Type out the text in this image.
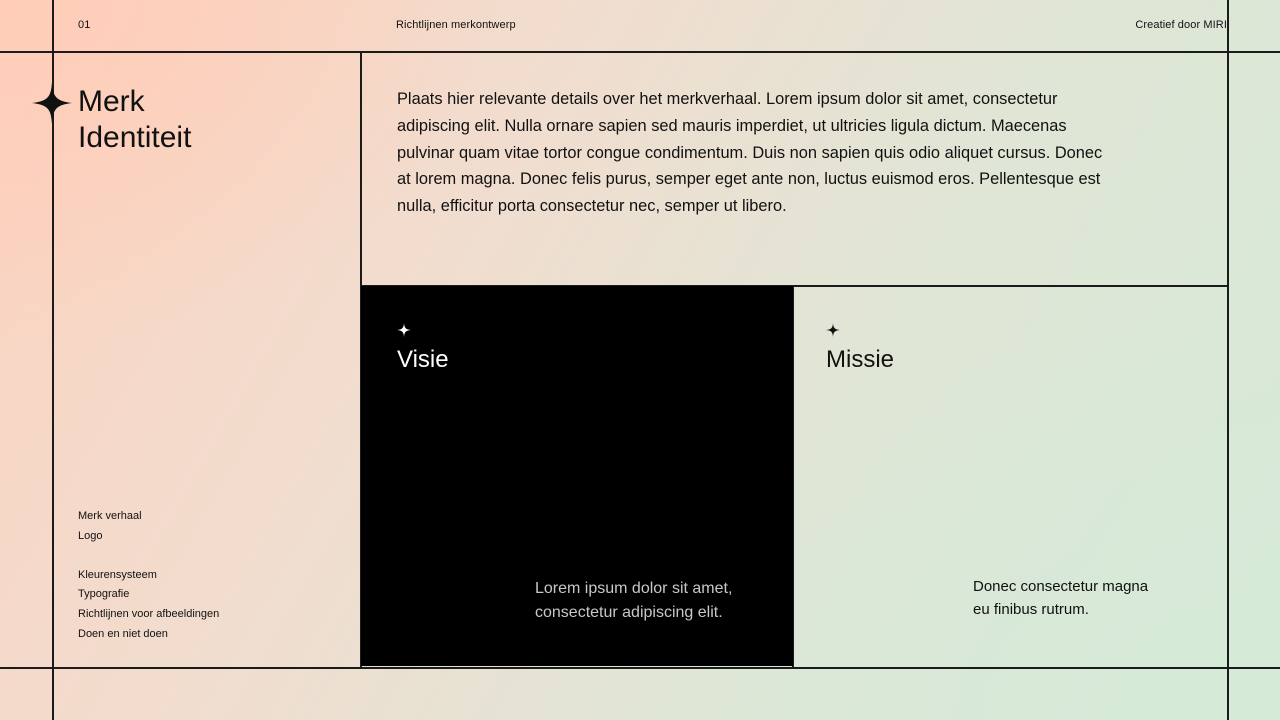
01	Richtlijnen merkontwerp	Creatief door MIRI
Merk
Identiteit

Plaats hier relevante details over het merkverhaal. Lorem ipsum dolor sit amet, consectetur adipiscing elit. Nulla ornare sapien sed mauris imperdiet, ut ultricies ligula dictum. Maecenas pulvinar quam vitae tortor congue condimentum. Duis non sapien quis odio aliquet cursus. Donec at lorem magna. Donec felis purus, semper eget ante non, luctus euismod eros. Pellentesque est nulla, efficitur porta consectetur nec, semper ut libero.

Visie

Lorem ipsum dolor sit amet,
consectetur adipiscing elit.

Missie

Donec consectetur magna
eu finibus rutrum.

Merk verhaal
Logo
Kleurensysteem
Typografie
Richtlijnen voor afbeeldingen
Doen en niet doen
